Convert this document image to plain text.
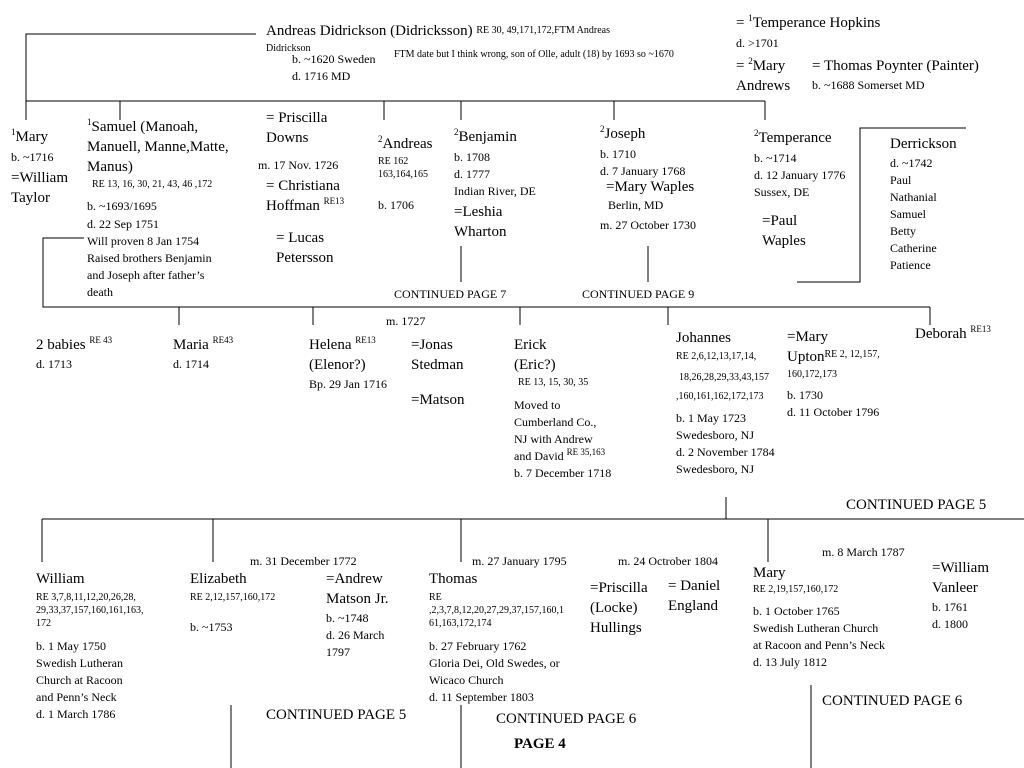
Andreas Didrickson (Didricksson) RE 30, 49,171,172,FTM Andreas
Didrickson
b. ~1620 Sweden FTM date but I think wrong, son of Olle, adult (18) by 1693 so ~1670
d. 1716 MD
= $^1$Temperance Hopkins
d. >1701
= $^2$Mary
Andrews
= Thomas Poynter (Painter)
b. ~1688 Somerset MD
$^1$Mary
b. ~1716
=William
Taylor
$^1$Samuel (Manoah,
Manuell, Manne,Matte,
Manus)
RE 13, 16, 30, 21, 43, 46 ,172
b. ~1693/1695
d. 22 Sep 1751
Will proven 8 Jan 1754
Raised brothers Benjamin
and Joseph after father’s
death
= Priscilla
Downs
m. 17 Nov. 1726
= Christiana
Hoffman $^{RE13}$
= Lucas
Petersson
$^2$Andreas
RE 162
163,164,165
b. 1706
$^2$Benjamin
b. 1708
d. 1777
Indian River, DE
=Leshia
Wharton
$^2$Joseph
b. 1710
d. 7 January 1768
=Mary Waples
Berlin, MD
m. 27 October 1730
$^2$Temperance
b. ~1714
d. 12 January 1776
Sussex, DE
=Paul
Waples
Derrickson
d. ~1742
Paul
Nathanial
Samuel
Betty
Catherine
Patience
CONTINUED PAGE 7	CONTINUED PAGE 9
m. 1727
2 babies $^{RE 43}$
d. 1713
Maria $^{RE43}$
d. 1714
Helena $^{RE13}$
(Elenor?)
Bp. 29 Jan 1716
=Jonas
Stedman
=Matson
Erick
(Eric?)
RE 13, 15, 30, 35
Moved to
Cumberland Co.,
NJ with Andrew
and David $^{RE 35,163}$
b. 7 December 1718
Johannes
RE 2,6,12,13,17,14,
18,26,28,29,33,43,157
,160,161,162,172,173
b. 1 May 1723
Swedesboro, NJ
d. 2 November 1784
Swedesboro, NJ
=Mary
Upton$^{RE 2, 12,157,}$
160,172,173
b. 1730
d. 11 October 1796
Deborah $^{RE13}$
CONTINUED PAGE 5
William
RE 3,7,8,11,12,20,26,28,
29,33,37,157,160,161,163,
172
b. 1 May 1750
Swedish Lutheran
Church at Racoon
and Penn’s Neck
d. 1 March 1786
m. 31 December 1772
Elizabeth
RE 2,12,157,160,172
b. ~1753
=Andrew
Matson Jr.
b. ~1748
d. 26 March
1797
m. 27 January 1795
Thomas
RE
,2,3,7,8,12,20,27,29,37,157,160,1
61,163,172,174
b. 27 February 1762
Gloria Dei, Old Swedes, or
Wicaco Church
d. 11 September 1803
m. 24 Octrober 1804
=Priscilla
(Locke)
Hullings
= Daniel
England
m. 8 March 1787
Mary
RE 2,19,157,160,172
b. 1 October 1765
Swedish Lutheran Church
at Racoon and Penn’s Neck
d. 13 July 1812
=William
Vanleer
b. 1761
d. 1800
CONTINUED PAGE 5	CONTINUED PAGE 6
CONTINUED PAGE 6
PAGE 4
